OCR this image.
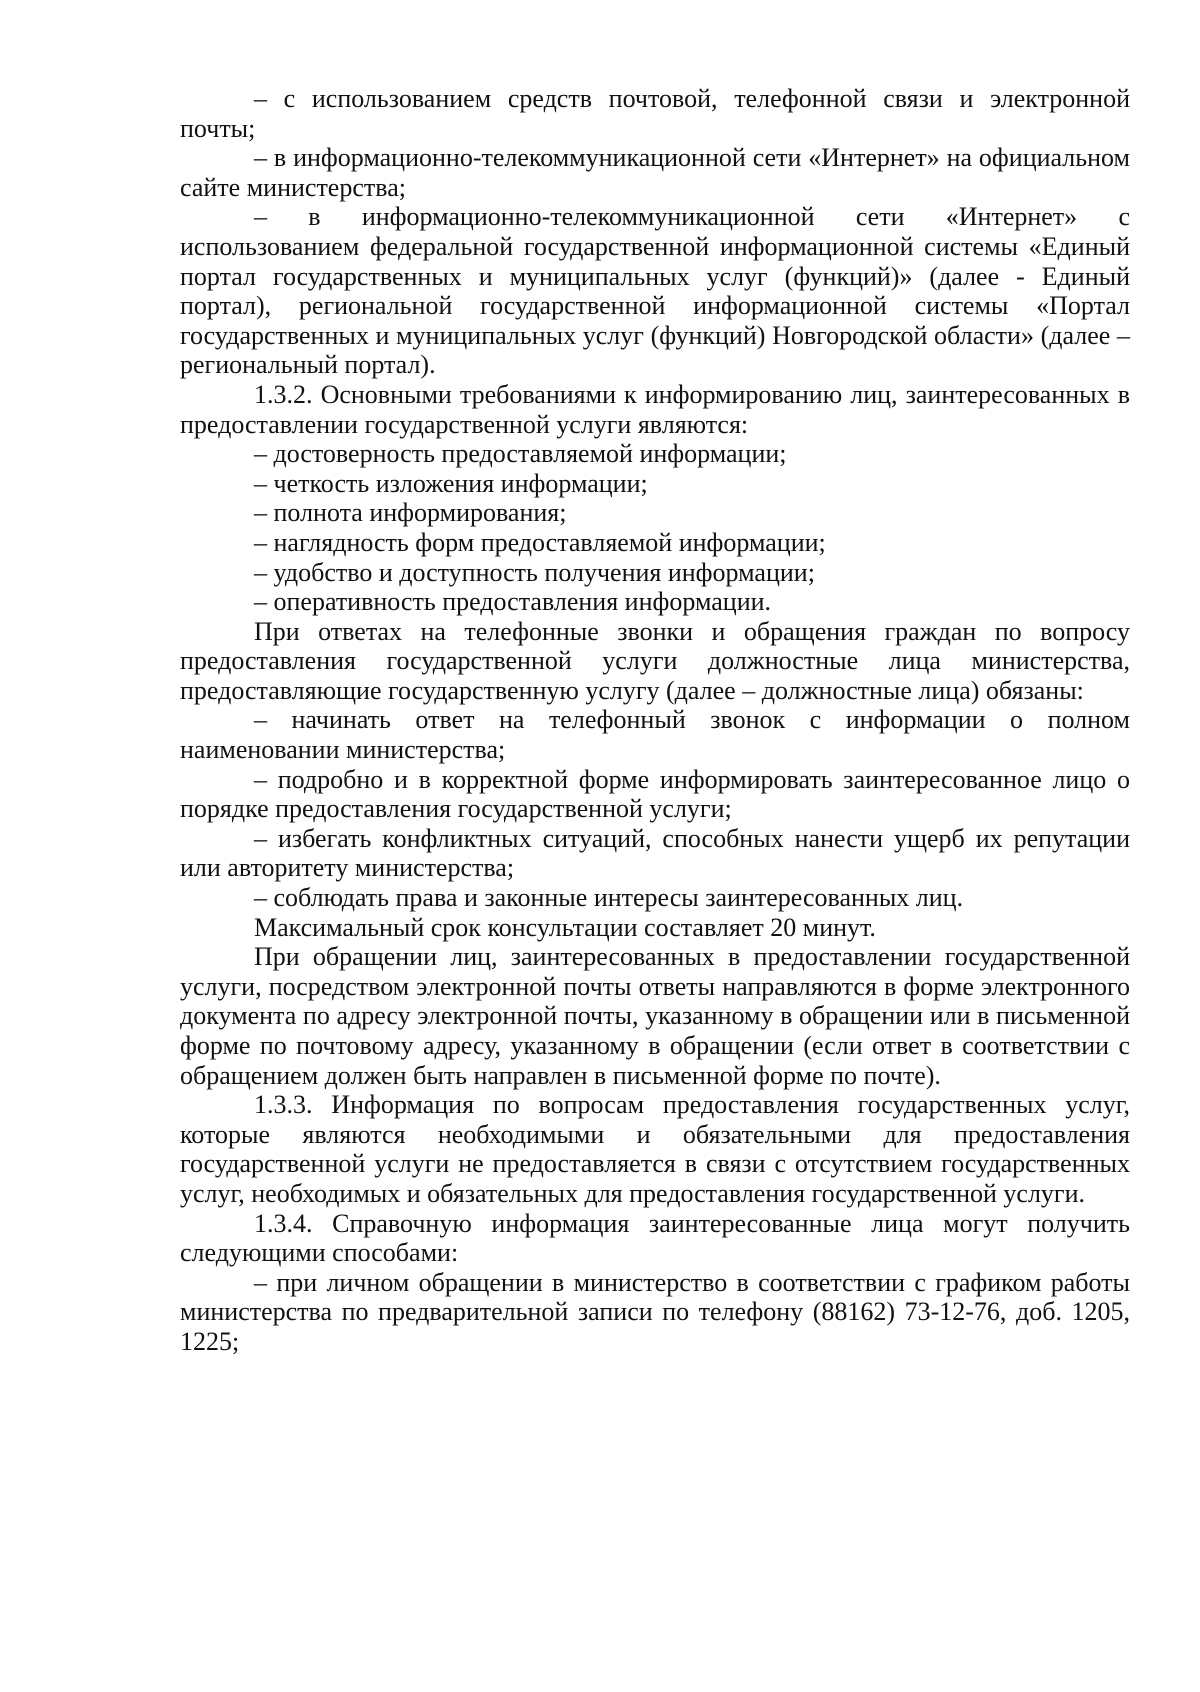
– с использованием средств почтовой, телефонной связи и электронной почты;

– в информационно-телекоммуникационной сети «Интернет» на официальном сайте министерства;

– в информационно-телекоммуникационной сети «Интернет» с использованием федеральной государственной информационной системы «Единый портал государственных и муниципальных услуг (функций)» (далее - Единый портал), региональной государственной информационной системы «Портал государственных и муниципальных услуг (функций) Новгородской области» (далее – региональный портал).

1.3.2. Основными требованиями к информированию лиц, заинтересованных в предоставлении государственной услуги являются:

– достоверность предоставляемой информации;

– четкость изложения информации;

– полнота информирования;

– наглядность форм предоставляемой информации;

– удобство и доступность получения информации;

– оперативность предоставления информации.

При ответах на телефонные звонки и обращения граждан по вопросу предоставления государственной услуги должностные лица министерства, предоставляющие государственную услугу (далее – должностные лица) обязаны:

– начинать ответ на телефонный звонок с информации о полном наименовании министерства;

– подробно и в корректной форме информировать заинтересованное лицо о порядке предоставления государственной услуги;

– избегать конфликтных ситуаций, способных нанести ущерб их репутации или авторитету министерства;

– соблюдать права и законные интересы заинтересованных лиц.

Максимальный срок консультации составляет 20 минут.

При обращении лиц, заинтересованных в предоставлении государственной услуги, посредством электронной почты ответы направляются в форме электронного документа по адресу электронной почты, указанному в обращении или в письменной форме по почтовому адресу, указанному в обращении (если ответ в соответствии с обращением должен быть направлен в письменной форме по почте).

1.3.3. Информация по вопросам предоставления государственных услуг, которые являются необходимыми и обязательными для предоставления государственной услуги не предоставляется в связи с отсутствием государственных услуг, необходимых и обязательных для предоставления государственной услуги.

1.3.4. Справочную информация заинтересованные лица могут получить следующими способами:

– при личном обращении в министерство в соответствии с графиком работы министерства по предварительной записи по телефону (88162) 73-12-76, доб. 1205, 1225;
